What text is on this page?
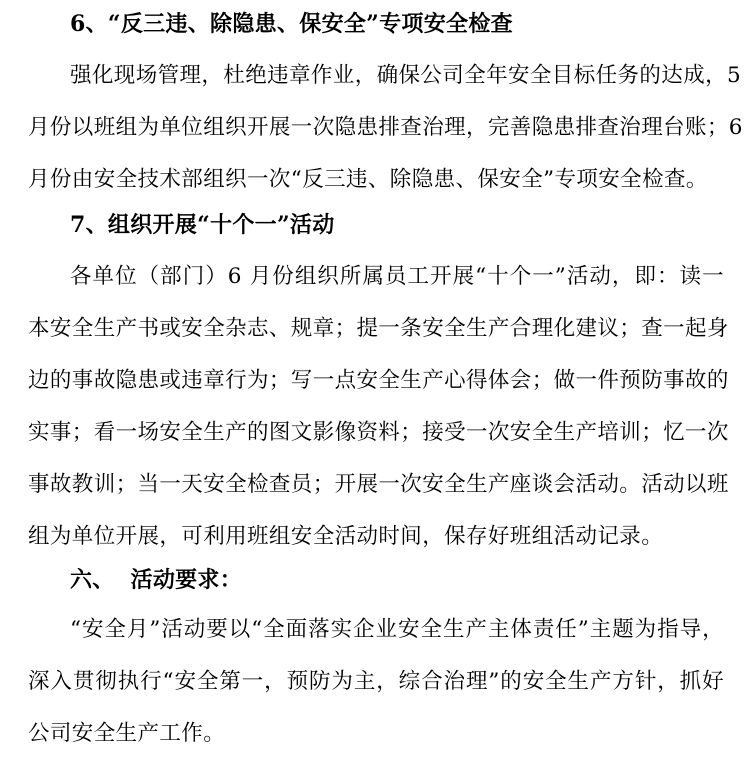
6、“反三违、除隐患、保安全”专项安全检查
强化现场管理，杜绝违章作业，确保公司全年安全目标任务的达成，5
月份以班组为单位组织开展一次隐患排查治理，完善隐患排查治理台账；6
月份由安全技术部组织一次“反三违、除隐患、保安全”专项安全检查。
7、组织开展“十个一”活动
各单位（部门）6 月份组织所属员工开展“十个一”活动，即：读一
本安全生产书或安全杂志、规章；提一条安全生产合理化建议；查一起身
边的事故隐患或违章行为；写一点安全生产心得体会；做一件预防事故的
实事；看一场安全生产的图文影像资料；接受一次安全生产培训；忆一次
事故教训；当一天安全检查员；开展一次安全生产座谈会活动。活动以班
组为单位开展，可利用班组安全活动时间，保存好班组活动记录。
六、  活动要求：
“安全月”活动要以“全面落实企业安全生产主体责任”主题为指导，
深入贯彻执行“安全第一，预防为主，综合治理”的安全生产方针，抓好
公司安全生产工作。
